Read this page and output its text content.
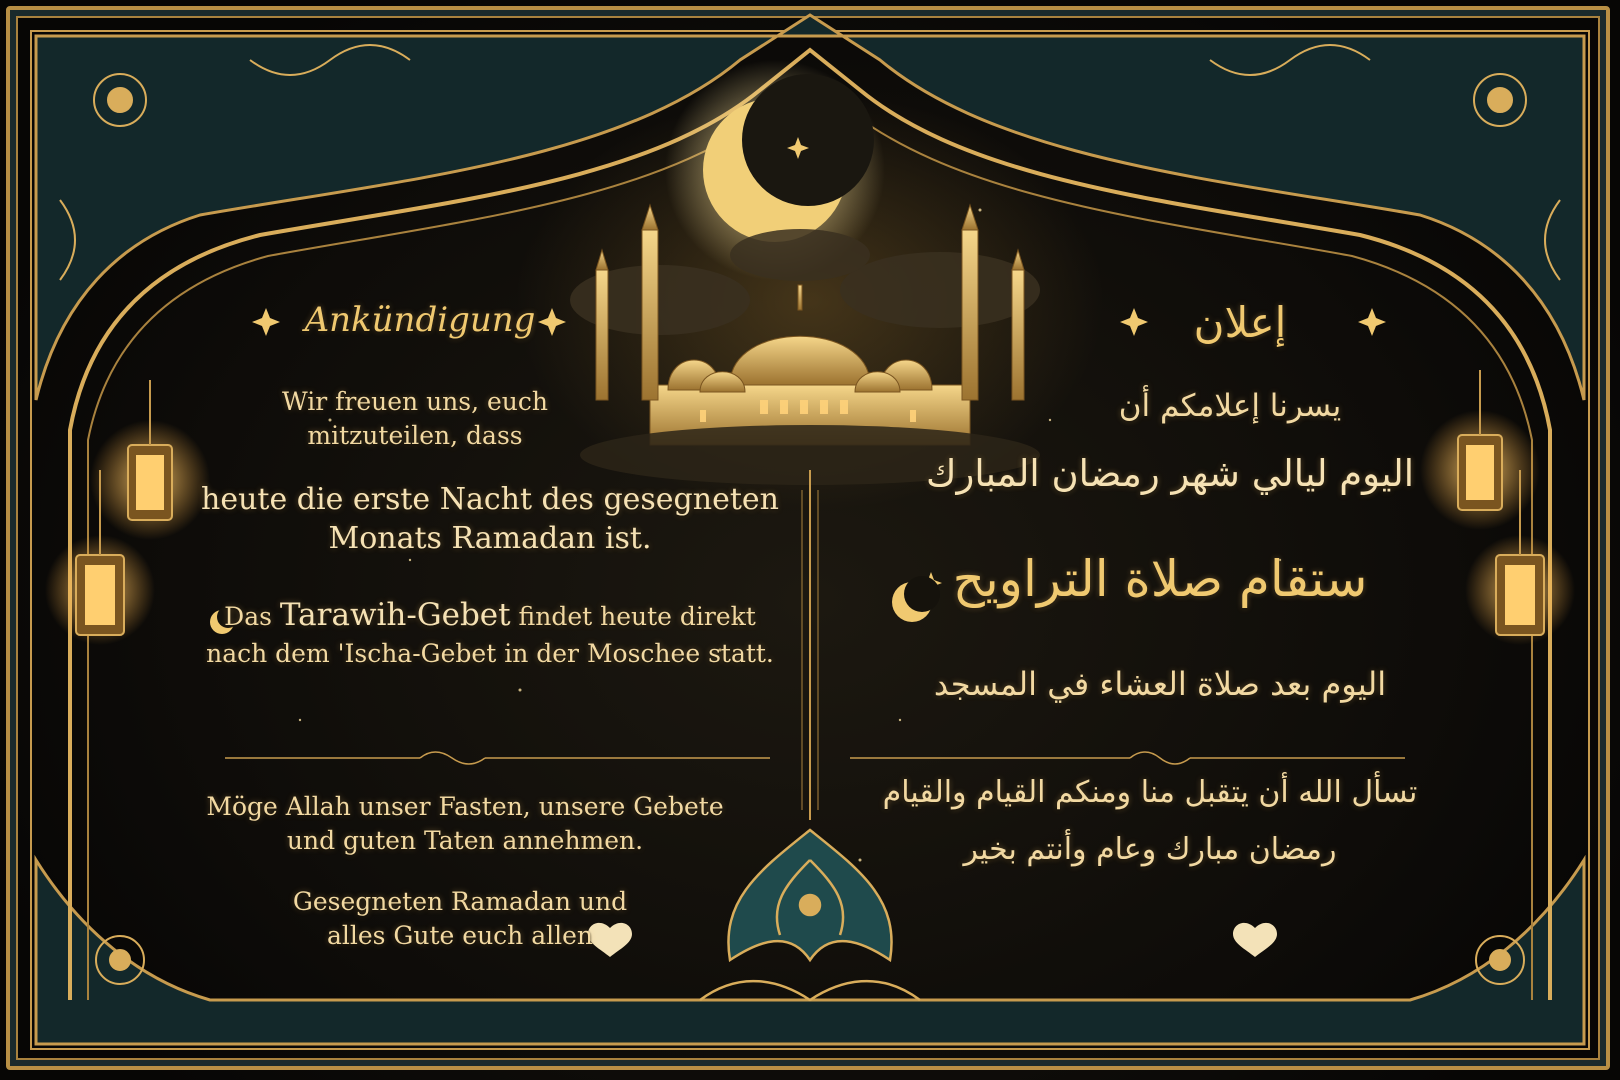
Ankündigung
Wir freuen uns, euch mitzuteilen, dass
heute die erste Nacht des gesegneten Monats Ramadan ist.
Das Tarawih-Gebet findet heute direkt nach dem 'Ischa-Gebet in der Moschee statt.
Möge Allah unser Fasten, unsere Gebete und guten Taten annehmen.
Gesegneten Ramadan und alles Gute euch allen
إعلان
يسرنا إعلامكم أن
اليوم ليالي شهر رمضان المبارك
ستقام صلاة التراويح
اليوم بعد صلاة العشاء في المسجد
تسأل الله أن يتقبل منا ومنكم القيام والقيام
رمضان مبارك وعام وأنتم بخير
